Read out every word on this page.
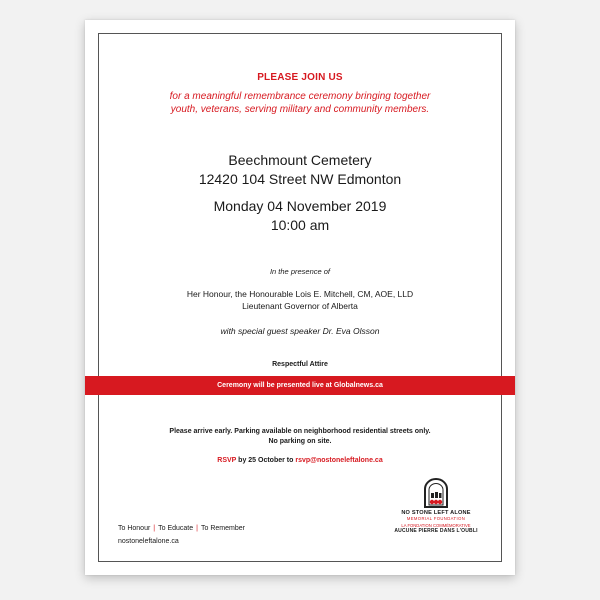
PLEASE JOIN US
for a meaningful remembrance ceremony bringing together
youth, veterans, serving military and community members.
Beechmount Cemetery
12420 104 Street NW Edmonton
Monday 04 November 2019
10:00 am
In the presence of
Her Honour, the Honourable Lois E. Mitchell, CM, AOE, LLD
Lieutenant Governor of Alberta
with special guest speaker Dr. Eva Olsson
Respectful Attire
Ceremony will be presented live at Globalnews.ca
Please arrive early. Parking available on neighborhood residential streets only.
No parking on site.
RSVP by 25 October to rsvp@nostoneleftalone.ca
To Honour | To Educate | To Remember
nostoneleftalone.ca
NO STONE LEFT ALONE
MEMORIAL FOUNDATION
LA FONDATION COMMÉMORATIVE
AUCUNE PIERRE DANS L'OUBLI
